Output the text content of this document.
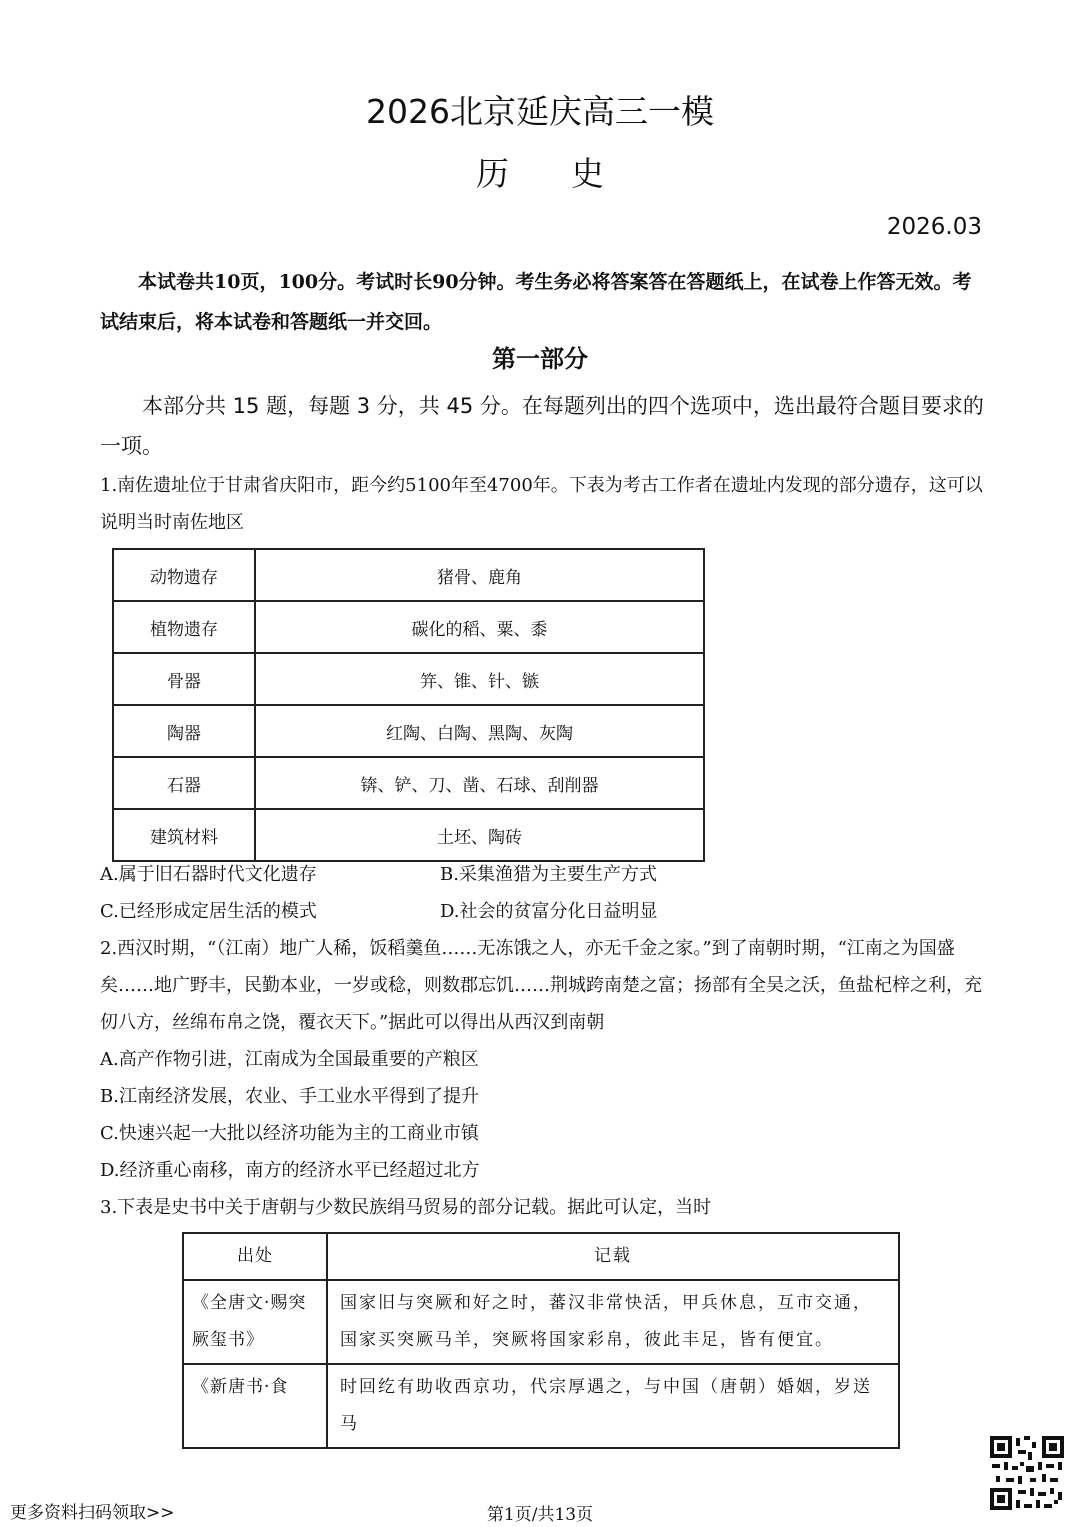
2026北京延庆高三一模
历史
2026.03
本试卷共10页，100分。考试时长90分钟。考生务必将答案答在答题纸上，在试卷上作答无效。考试结束后，将本试卷和答题纸一并交回。
第一部分
本部分共 15 题，每题 3 分，共 45 分。在每题列出的四个选项中，选出最符合题目要求的一项。
1.南佐遗址位于甘肃省庆阳市，距今约5100年至4700年。下表为考古工作者在遗址内发现的部分遗存，这可以说明当时南佐地区
动物遗存	猪骨、鹿角
植物遗存	碳化的稻、粟、黍
骨器	笄、锥、针、镞
陶器	红陶、白陶、黑陶、灰陶
石器	锛、铲、刀、凿、石球、刮削器
建筑材料	土坯、陶砖
A.属于旧石器时代文化遗存	B.采集渔猎为主要生产方式
C.已经形成定居生活的模式	D.社会的贫富分化日益明显
2.西汉时期，“（江南）地广人稀，饭稻羹鱼……无冻饿之人，亦无千金之家。”到了南朝时期，“江南之为国盛矣……地广野丰，民勤本业，一岁或稔，则数郡忘饥……荆城跨南楚之富；扬部有全吴之沃，鱼盐杞梓之利，充仞八方，丝绵布帛之饶，覆衣天下。”据此可以得出从西汉到南朝
A.高产作物引进，江南成为全国最重要的产粮区
B.江南经济发展，农业、手工业水平得到了提升
C.快速兴起一大批以经济功能为主的工商业市镇
D.经济重心南移，南方的经济水平已经超过北方
3.下表是史书中关于唐朝与少数民族绢马贸易的部分记载。据此可认定，当时
出处	记载
《全唐文·赐突厥玺书》	国家旧与突厥和好之时，蕃汉非常快活，甲兵休息，互市交通，国家买突厥马羊，突厥将国家彩帛，彼此丰足，皆有便宜。
《新唐书·食	时回纥有助收西京功，代宗厚遇之，与中国（唐朝）婚姻，岁送马
更多资料扫码领取>>	第1页/共13页
